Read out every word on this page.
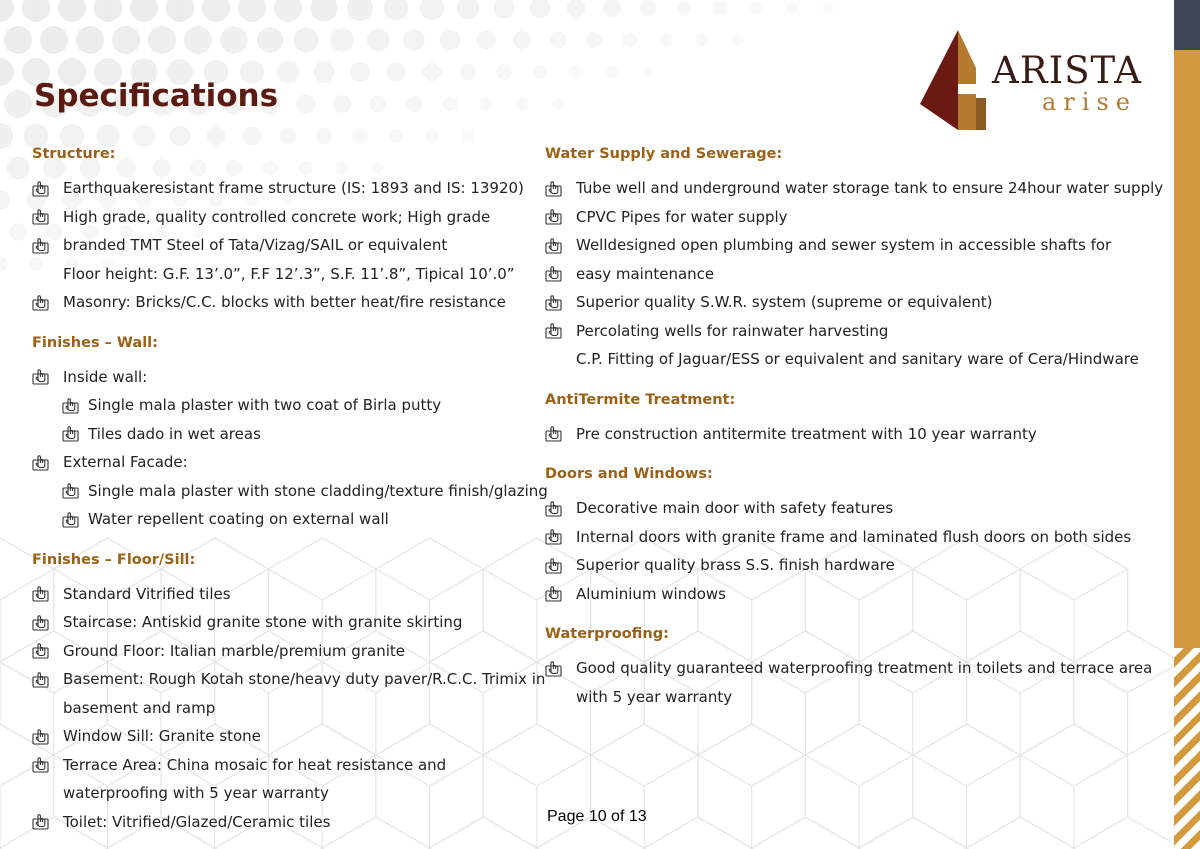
ARISTA
arise
Specifications
Structure:
Earthquakeresistant frame structure (IS: 1893 and IS: 13920)
High grade, quality controlled concrete work; High grade
branded TMT Steel of Tata/Vizag/SAIL or equivalent
Floor height: G.F. 13’.0”, F.F 12’.3”, S.F. 11’.8”, Tipical 10’.0”
Masonry: Bricks/C.C. blocks with better heat/fire resistance
Finishes – Wall:
Inside wall:
Single mala plaster with two coat of Birla putty
Tiles dado in wet areas
External Facade:
Single mala plaster with stone cladding/texture finish/glazing
Water repellent coating on external wall
Finishes – Floor/Sill:
Standard Vitrified tiles
Staircase: Antiskid granite stone with granite skirting
Ground Floor: Italian marble/premium granite
Basement: Rough Kotah stone/heavy duty paver/R.C.C. Trimix in
basement and ramp
Window Sill: Granite stone
Terrace Area: China mosaic for heat resistance and
waterproofing with 5 year warranty
Toilet: Vitrified/Glazed/Ceramic tiles
Water Supply and Sewerage:
Tube well and underground water storage tank to ensure 24hour water supply
CPVC Pipes for water supply
Welldesigned open plumbing and sewer system in accessible shafts for
easy maintenance
Superior quality S.W.R. system (supreme or equivalent)
Percolating wells for rainwater harvesting
C.P. Fitting of Jaguar/ESS or equivalent and sanitary ware of Cera/Hindware
AntiTermite Treatment:
Pre construction antitermite treatment with 10 year warranty
Doors and Windows:
Decorative main door with safety features
Internal doors with granite frame and laminated flush doors on both sides
Superior quality brass S.S. finish hardware
Aluminium windows
Waterproofing:
Good quality guaranteed waterproofing treatment in toilets and terrace area
with 5 year warranty
Page 10 of 13
